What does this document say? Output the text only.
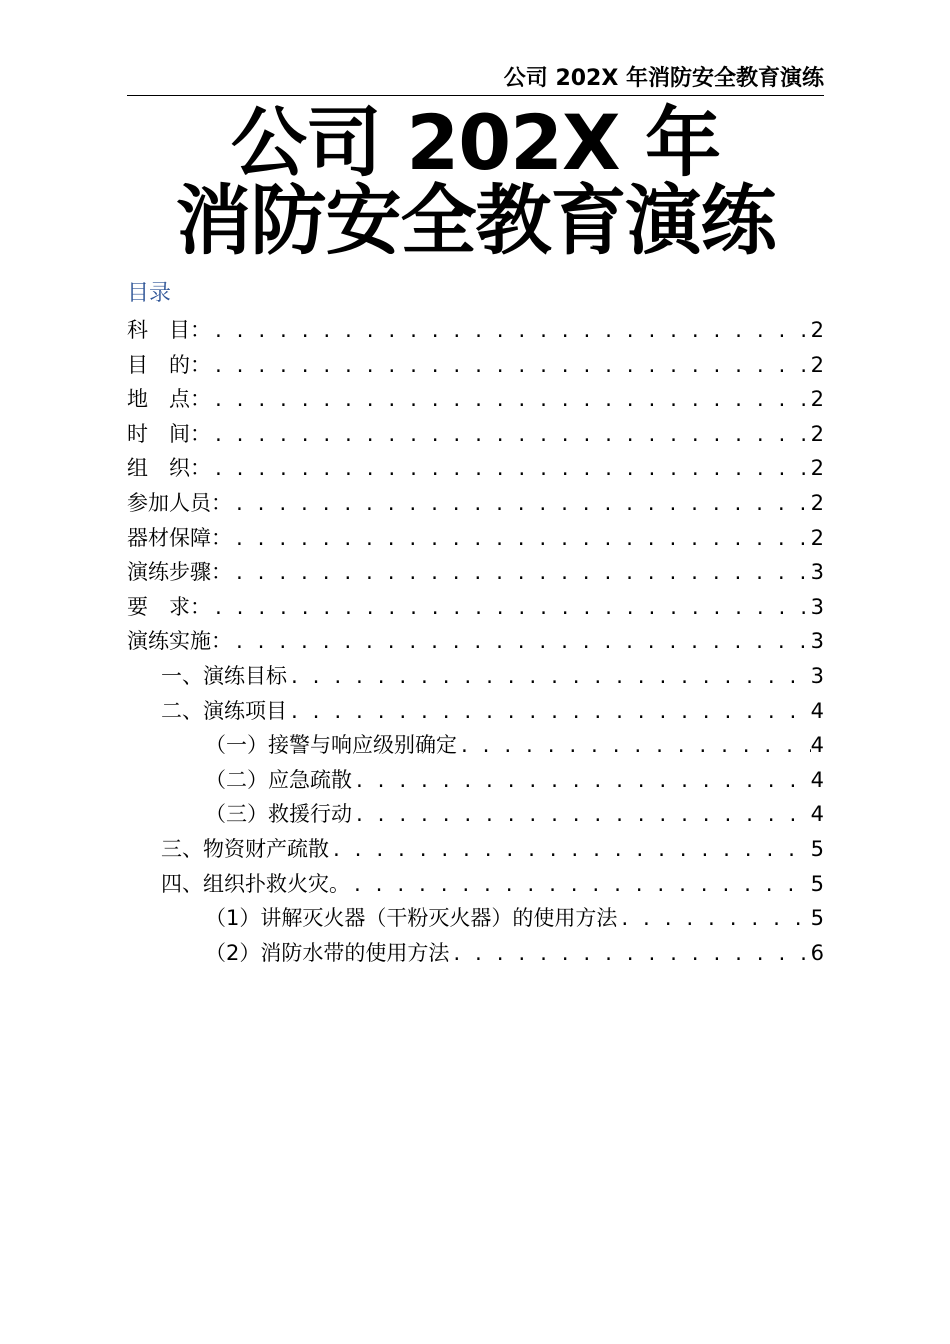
公司 202X 年消防安全教育演练
公司 202X 年
消防安全教育演练
目录
科　目： . . .	2
目　的： . . .	2
地　点： . . .	2
时　间： . . .	2
组　织： . . .	2
参加人员： . . .	2
器材保障： . . .	2
演练步骤： . . .	3
要　求： . . .	3
演练实施： . . .	3
一、演练目标 . . .	3
二、演练项目 . . .	4
（一）接警与响应级别确定 . . .	4
（二）应急疏散 . . .	4
（三）救援行动 . . .	4
三、物资财产疏散 . . .	5
四、组织扑救火灾。 . . .	5
（1）讲解灭火器（干粉灭火器）的使用方法 . . .	5
（2）消防水带的使用方法 . . .	6
